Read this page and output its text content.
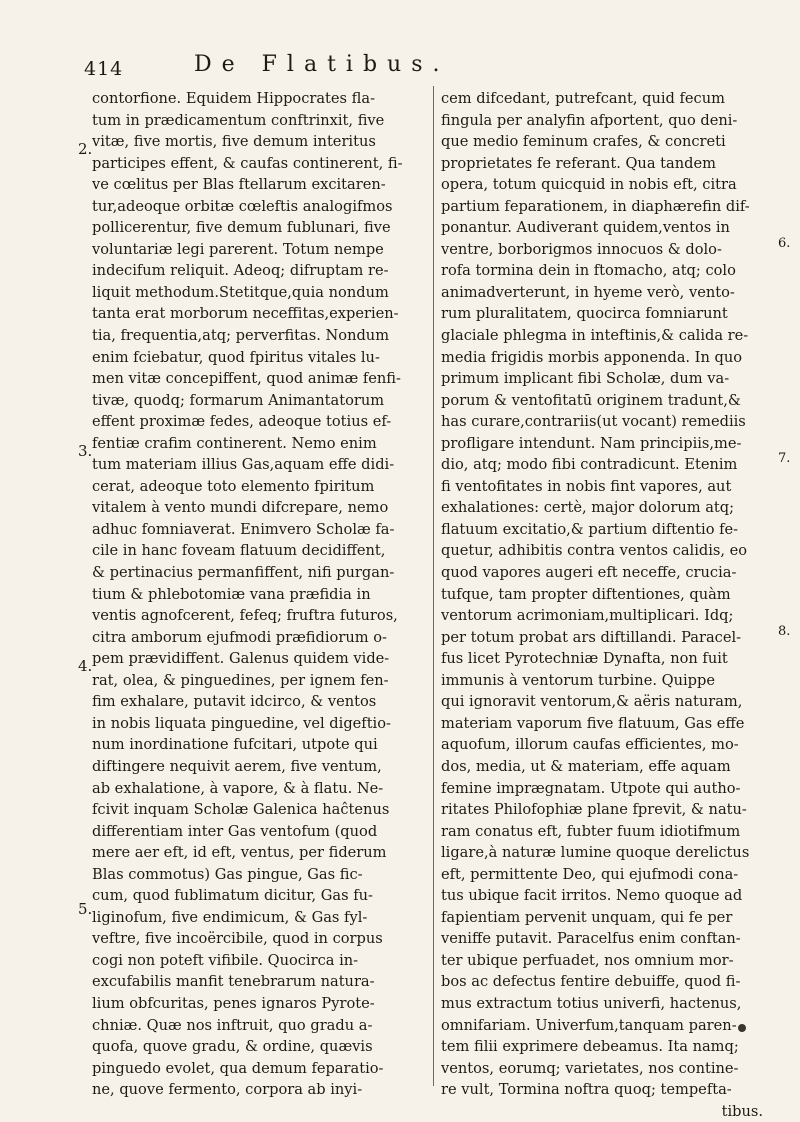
414	De Flatibus.
contorfione. Equidem Hippocrates fla-
tum in prædicamentum conftrinxit, five
vitæ, five mortis, five demum interitus
participes effent, & caufas continerent, fi-
ve cœlitus per Blas ftellarum excitaren-
tur,adeoque orbitæ cœleftis analogifmos
pollicerentur, five demum fublunari, five
voluntariæ legi parerent. Totum nempe
indecifum reliquit. Adeoq; difruptam re-
liquit methodum.Stetitque,quia nondum
tanta erat morborum neceffitas,experien-
tia, frequentia,atq; perverfitas. Nondum
enim fciebatur, quod fpiritus vitales lu-
men vitæ concepiffent, quod animæ fenfi-
tivæ, quodq; formarum Animantatorum
effent proximæ fedes, adeoque totius ef-
fentiæ crafim continerent. Nemo enim
tum materiam illius Gas,aquam effe didi-
cerat, adeoque toto elemento fpiritum
vitalem à vento mundi difcrepare, nemo
adhuc fomniaverat. Enimvero Scholæ fa-
cile in hanc foveam flatuum decidiffent,
& pertinacius permanfiffent, nifi purgan-
tium & phlebotomiæ vana præfidia in
ventis agnofcerent, fefeq; fruftra futuros,
citra amborum ejufmodi præfidiorum o-
pem prævidiffent. Galenus quidem vide-
rat, olea, & pinguedines, per ignem fen-
fim exhalare, putavit idcirco, & ventos
in nobis liquata pinguedine, vel digeftio-
num inordinatione fufcitari, utpote qui
diftingere nequivit aerem, five ventum,
ab exhalatione, à vapore, & à flatu. Ne-
fcivit inquam Scholæ Galenica haĉtenus
differentiam inter Gas ventofum (quod
mere aer eft, id eft, ventus, per fiderum
Blas commotus) Gas pingue, Gas fic-
cum, quod fublimatum dicitur, Gas fu-
liginofum, five endimicum, & Gas fyl-
veftre, five incoërcibile, quod in corpus
cogi non poteft vifibile. Quocirca in-
excufabilis manfit tenebrarum natura-
lium obfcuritas, penes ignaros Pyrote-
chniæ. Quæ nos inftruit, quo gradu a-
quofa, quove gradu, & ordine, quævis
pinguedo evolet, qua demum feparatio-
ne, quove fermento, corpora ab inyi-
cem difcedant, putrefcant, quid fecum
fingula per analyfin afportent, quo deni-
que medio feminum crafes, & concreti
proprietates fe referant. Qua tandem
opera, totum quicquid in nobis eft, citra
partium feparationem, in diaphærefin dif-
ponantur. Audiverant quidem,ventos in
ventre, borborigmos innocuos & dolo-
rofa tormina dein in ftomacho, atq; colo
animadverterunt, in hyeme verò, vento-
rum pluralitatem, quocirca fomniarunt
glaciale phlegma in inteftinis,& calida re-
media frigidis morbis apponenda. In quo
primum implicant fibi Scholæ, dum va-
porum & ventofitatū originem tradunt,&
has curare,contrariis(ut vocant) remediis
profligare intendunt. Nam principiis,me-
dio, atq; modo fibi contradicunt. Etenim
fi ventofitates in nobis fint vapores, aut
exhalationes: certè, major dolorum atq;
flatuum excitatio,& partium diftentio fe-
quetur, adhibitis contra ventos calidis, eo
quod vapores augeri eft neceffe, crucia-
tufque, tam propter diftentiones, quàm
ventorum acrimoniam,multiplicari. Idq;
per totum probat ars diftillandi. Paracel-
fus licet Pyrotechniæ Dynafta, non fuit
immunis à ventorum turbine. Quippe
qui ignoravit ventorum,& aëris naturam,
materiam vaporum five flatuum, Gas effe
aquofum, illorum caufas efficientes, mo-
dos, media, ut & materiam, effe aquam
femine imprægnatam. Utpote qui autho-
ritates Philofophiæ plane fprevit, & natu-
ram conatus eft, fubter fuum idiotifmum
ligare,à naturæ lumine quoque derelictus
eft, permittente Deo, qui ejufmodi cona-
tus ubique facit irritos. Nemo quoque ad
fapientiam pervenit unquam, qui fe per
veniffe putavit. Paracelfus enim conftan-
ter ubique perfuadet, nos omnium mor-
bos ac defectus fentire debuiffe, quod fi-
mus extractum totius univerfi, hactenus,
omnifariam. Univerfum,tanquam paren-
tem filii exprimere debeamus. Ita namq;
ventos, eorumq; varietates, nos contine-
re vult, Tormina noftra quoq; tempefta-
tibus.
2.
3.
4.
5.
6.
7.
8.
